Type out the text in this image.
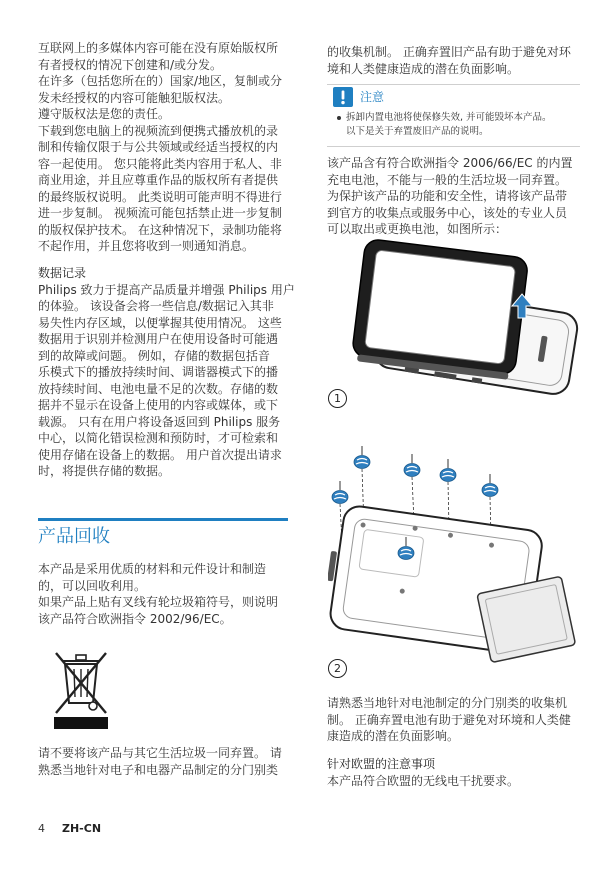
互联网上的多媒体内容可能在没有原始版权所
有者授权的情况下创建和/或分发。
在许多（包括您所在的）国家/地区，复制或分
发未经授权的内容可能触犯版权法。
遵守版权法是您的责任。
下载到您电脑上的视频流到便携式播放机的录
制和传输仅限于与公共领域或经适当授权的内
容一起使用。 您只能将此类内容用于私人、非
商业用途，并且应尊重作品的版权所有者提供
的最终版权说明。 此类说明可能声明不得进行
进一步复制。 视频流可能包括禁止进一步复制
的版权保护技术。 在这种情况下，录制功能将
不起作用，并且您将收到一则通知消息。
数据记录
Philips 致力于提高产品质量并增强 Philips 用户
的体验。 该设备会将一些信息/数据记入其非
易失性内存区域，以便掌握其使用情况。 这些
数据用于识别并检测用户在使用设备时可能遇
到的故障或问题。 例如，存储的数据包括音
乐模式下的播放持续时间、调谐器模式下的播
放持续时间、电池电量不足的次数。存储的数
据并不显示在设备上使用的内容或媒体，或下
载源。 只有在用户将设备返回到 Philips 服务
中心，以简化错误检测和预防时，才可检索和
使用存储在设备上的数据。 用户首次提出请求
时，将提供存储的数据。
产品回收
本产品是采用优质的材料和元件设计和制造
的，可以回收利用。
如果产品上贴有叉线有轮垃圾箱符号，则说明
该产品符合欧洲指令 2002/96/EC。
请不要将该产品与其它生活垃圾一同弃置。 请
熟悉当地针对电子和电器产品制定的分门别类
4 ZH-CN
的收集机制。 正确弃置旧产品有助于避免对环
境和人类健康造成的潜在负面影响。
注意
拆卸内置电池将使保修失效, 并可能毁坏本产品。
以下是关于弃置废旧产品的说明。
该产品含有符合欧洲指令 2006/66/EC 的内置
充电电池，不能与一般的生活垃圾一同弃置。
为保护该产品的功能和安全性，请将该产品带
到官方的收集点或服务中心，该处的专业人员
可以取出或更换电池，如图所示：
1
2
请熟悉当地针对电池制定的分门别类的收集机
制。 正确弃置电池有助于避免对环境和人类健
康造成的潜在负面影响。
针对欧盟的注意事项
本产品符合欧盟的无线电干扰要求。
